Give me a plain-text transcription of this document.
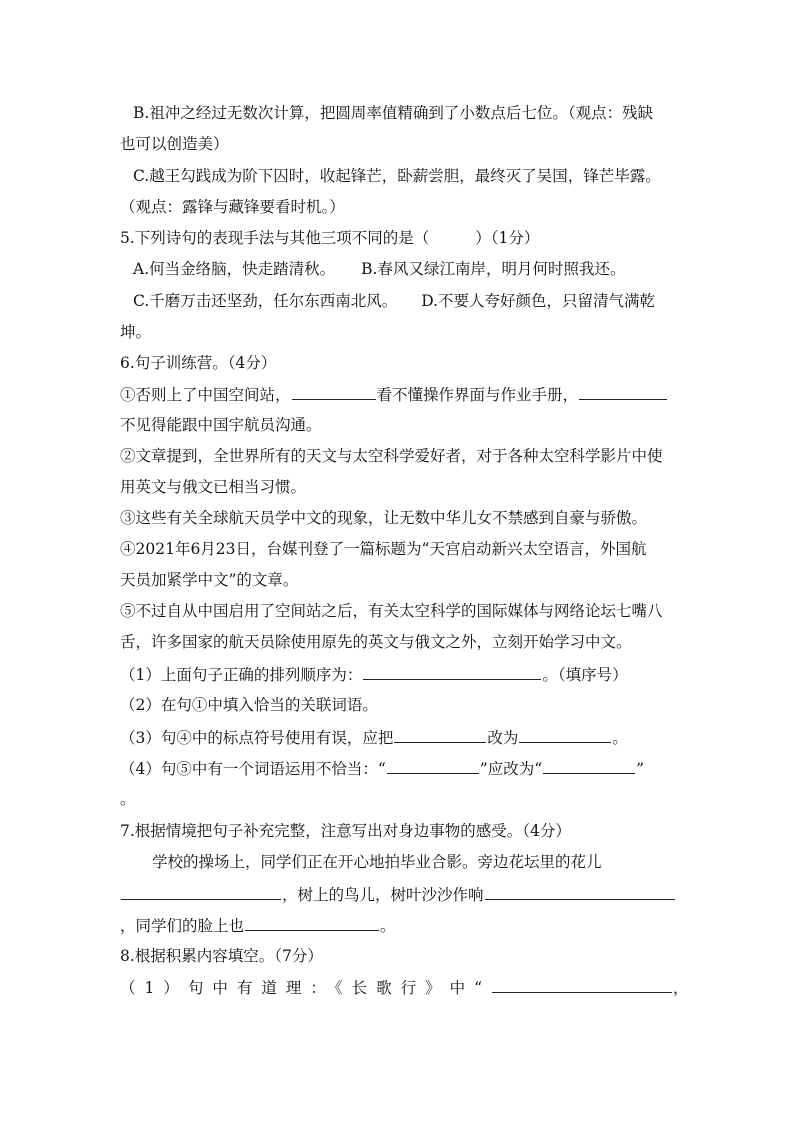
B.祖冲之经过无数次计算，把圆周率值精确到了小数点后七位。（观点：残缺
也可以创造美）
C.越王勾践成为阶下囚时，收起锋芒，卧薪尝胆，最终灭了吴国，锋芒毕露。
（观点：露锋与藏锋要看时机。）
5.下列诗句的表现手法与其他三项不同的是（	）（1分）
A.何当金络脑，快走踏清秋。 B.春风又绿江南岸，明月何时照我还。
C.千磨万击还坚劲，任尔东西南北风。 D.不要人夸好颜色，只留清气满乾
坤。
6.句子训练营。（4分）
①否则上了中国空间站，	看不懂操作界面与作业手册，
不见得能跟中国宇航员沟通。
②文章提到，全世界所有的天文与太空科学爱好者，对于各种太空科学影片中使
用英文与俄文已相当习惯。
③这些有关全球航天员学中文的现象，让无数中华儿女不禁感到自豪与骄傲。
④2021年6月23日，台媒刊登了一篇标题为“天宫启动新兴太空语言，外国航
天员加紧学中文”的文章。
⑤不过自从中国启用了空间站之后，有关太空科学的国际媒体与网络论坛七嘴八
舌，许多国家的航天员除使用原先的英文与俄文之外，立刻开始学习中文。
（1）上面句子正确的排列顺序为：	。（填序号）
（2）在句①中填入恰当的关联词语。
（3）句④中的标点符号使用有误，应把	改为	。
（4）句⑤中有一个词语运用不恰当：“	”应改为“	”
。
7.根据情境把句子补充完整，注意写出对身边事物的感受。（4分）
学校的操场上，同学们正在开心地拍毕业合影。旁边花坛里的花儿
，树上的鸟儿，树叶沙沙作响
，同学们的脸上也	。
8.根据积累内容填空。（7分）
（1）句中有道理：《长歌行》中“	，
